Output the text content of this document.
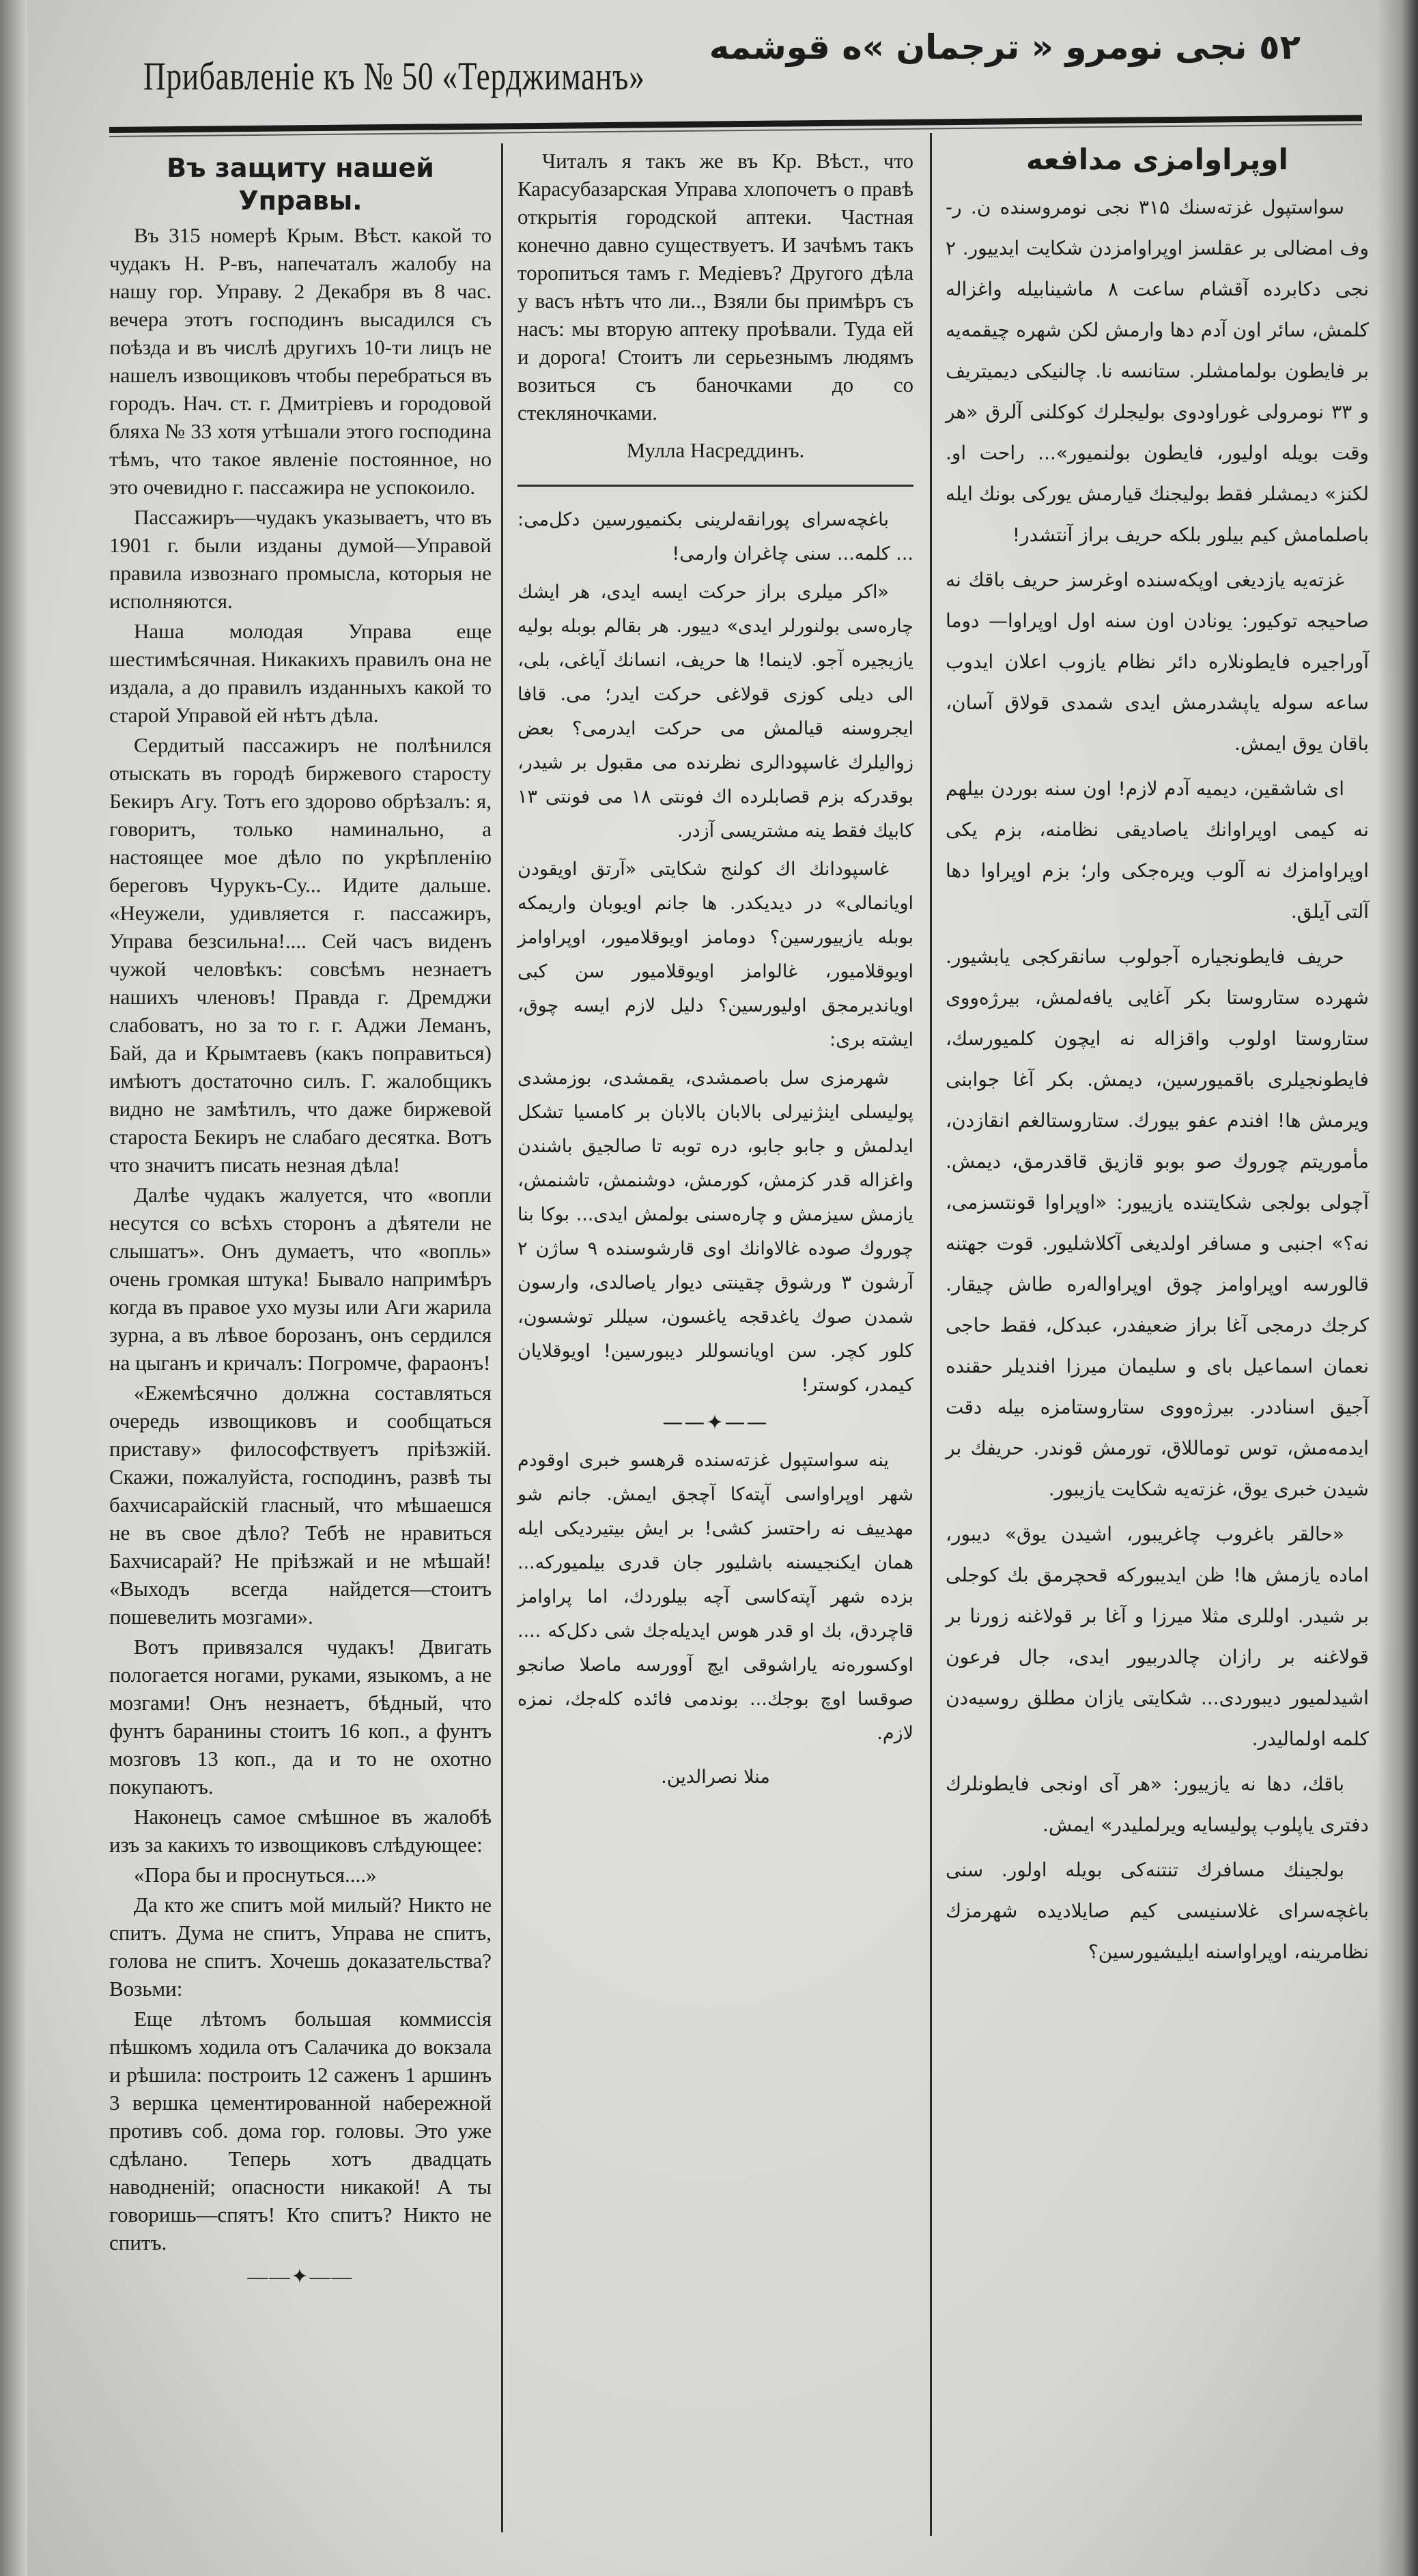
Прибавленіе къ № 50 «Терджиманъ»
٥٢ نجی نومرو « ترجمان »ه قوشمه
Въ защиту нашей Управы.

Въ 315 номерѣ Крым. Вѣст. какой то чудакъ Н. Р-въ, напечаталъ жалобу на нашу гор. Управу. 2 Декабря въ 8 час. вечера этотъ господинъ высадился съ поѣзда и въ числѣ другихъ 10-ти лицъ не нашелъ извощиковъ чтобы перебраться въ городъ. Нач. ст. г. Дмитріевъ и городовой бляха № 33 хотя утѣшали этого господина тѣмъ, что такое явленіе постоянное, но это очевидно г. пассажира не успокоило.

Пассажиръ—чудакъ указываетъ, что въ 1901 г. были изданы думой—Управой правила извознаго промысла, которыя не исполняются.

Наша молодая Управа еще шестимѣсячная. Никакихъ правилъ она не издала, а до правилъ изданныхъ какой то старой Управой ей нѣтъ дѣла.

Сердитый пассажиръ не полѣнился отыскать въ городѣ биржевого старосту Бекиръ Агу. Тотъ его здорово обрѣзалъ: я, говоритъ, только наминально, а настоящее мое дѣло по укрѣпленію береговъ Чурукъ-Су... Идите дальше. «Неужели, удивляется г. пассажиръ, Управа безсильна!.... Сей часъ виденъ чужой человѣкъ: совсѣмъ незнаетъ нашихъ членовъ! Правда г. Дремджи слабоватъ, но за то г. г. Аджи Леманъ, Бай, да и Крымтаевъ (какъ поправиться) имѣютъ достаточно силъ. Г. жалобщикъ видно не замѣтилъ, что даже биржевой староста Бекиръ не слабаго десятка. Вотъ что значитъ писать незная дѣла!

Далѣе чудакъ жалуется, что «вопли несутся со всѣхъ сторонъ а дѣятели не слышатъ». Онъ думаетъ, что «вопль» очень громкая штука! Бывало напримѣръ когда въ правое ухо музы или Аги жарила зурна, а въ лѣвое борозанъ, онъ сердился на цыганъ и кричалъ: Погромче, фараонъ!

«Ежемѣсячно должна составляться очередь извощиковъ и сообщаться приставу» философствуетъ пріѣзжій. Скажи, пожалуйста, господинъ, развѣ ты бахчисарайскій гласный, что мѣшаешся не въ свое дѣло? Тебѣ не нравиться Бахчисарай? Не пріѣзжай и не мѣшай! «Выходъ всегда найдется—стоитъ пошевелить мозгами».

Вотъ привязался чудакъ! Двигать пологается ногами, руками, языкомъ, а не мозгами! Онъ незнаетъ, бѣдный, что фунтъ баранины стоитъ 16 коп., а фунтъ мозговъ 13 коп., да и то не охотно покупаютъ.

Наконецъ самое смѣшное въ жалобѣ изъ за какихъ то извощиковъ слѣдующее:

«Пора бы и проснуться....»

Да кто же спитъ мой милый? Никто не спитъ. Дума не спитъ, Управа не спитъ, голова не спитъ. Хочешь доказательства? Возьми:

Еще лѣтомъ большая коммиссія пѣшкомъ ходила отъ Салачика до вокзала и рѣшила: построить 12 саженъ 1 аршинъ 3 вершка цементированной набережной противъ соб. дома гор. головы. Это уже сдѣлано. Теперь хотъ двадцать наводненій; опасности никакой! А ты говоришь—спятъ! Кто спитъ? Никто не спитъ.

——✦——

Читалъ я такъ же въ Кр. Вѣст., что Карасубазарская Управа хлопочетъ о правѣ открытія городской аптеки. Частная конечно давно существуетъ. И зачѣмъ такъ торопиться тамъ г. Медіевъ? Другого дѣла у васъ нѣтъ что ли.., Взяли бы примѣръ съ насъ: мы вторую аптеку проѣвали. Туда ей и дорога! Стоитъ ли серьезнымъ людямъ возиться съ баночками до со стекляночками.

Мулла Насреддинъ.

باغچه‌سرای پورانقه‌لرینی بکنمیورسین دکل‌می: ... کلمه... سنی چاغران وارمی!

«اکر میلری براز حرکت ایسه ایدی، هر ایشك چاره‌سی بولنورلر ایدی» دییور. هر بقالم بوبله بولیه یازیجیره آجو. لاینما! ها حریف، انسانك آیاغی، بلی، الی دیلی کوزی قولاغی حرکت ایدر؛ می. قافا ایجروسنه قیالمش می حرکت ایدرمی؟ بعض زوالیلرك غاسپودالری نظرنده می مقبول بر شیدر، بوقدرکه بزم قصابلرده اك فونتی ۱۸ می فونتی ۱۳ کابیك فقط ینه مشتریسی آزدر.

غاسپودانك اك کولنج شکایتی «آرتق اویقودن اویانمالی» در دیدیکدر. ها جانم اویوبان واریمکه بوبله یازییورسین؟ دومامز اویوقلامیور، اوپراوامز اویوقلامیور، غالوامز اویوقلامیور سن کبی اویاندیرمجق اولیورسین؟ دلیل لازم ایسه چوق، ایشته بری:

شهرمزی سل باصمشدی، یقمشدی، بوزمشدی پولیسلی اینژنیرلی بالابان بالابان بر کامسیا تشکل ایدلمش و جابو جابو، دره توبه تا صالجیق باشندن واغزاله قدر کزمش، کورمش، دوشنمش، تاشنمش، یازمش سیزمش و چاره‌سنی بولمش ایدی... بوکا بنا چوروك صوده غالاوانك اوی قارشوسنده ۹ ساژن ۲ آرشون ۳ ورشوق چقینتی دیوار یاصالدی، وارسون شمدن صوك یاغدقجه یاغسون، سیللر توشسون، کلور کچر. سن اویانسوللر دیبورسین! اویوقلایان کیمدر، کوستر!

——✦——

ینه سواستپول غزته‌سنده قرهسو خبری اوقودم شهر اوپراواسی آپته‌کا آچجق ایمش. جانم شو مهدییف نه راحتسز کشی! بر ایش بیتیردیکی ایله همان ایکنجیسنه باشلیور جان قدری بیلمیورکه... بزده شهر آپته‌کاسی آچه بیلوردك، اما پراوامز قاچردق، بك او قدر هوس ایدیله‌جك شی دکل‌که .... اوکسوره‌نه یاراشوقی ایچ آوورسه ماصلا صانجو صوقسا اوچ بوجك... بوندمی فائده کله‌جك، نمزه لازم.

منلا نصرالدين.
اوپراوامزی مدافعه

سواستپول غزته‌سنك ۳۱۵ نجی نومروسنده ن. ر-وف امضالی بر عقلسز اوپراوامزدن شکایت ایدییور. ۲ نجی دکابرده آقشام ساعت ۸ ماشینابیله واغزاله کلمش، سائر اون آدم دها وارمش لکن شهره چیقمه‌یه بر فایطون بولمامشلر. ستانسه نا. چالنیکی دیمیتریف و ۳۳ نومرولی غوراودوی بولیجلرك کوکلنی آلرق «هر وقت بویله اولیور، فایطون بولنمیور»... راحت او. لکنز» دیمشلر فقط بولیجنك قیارمش یورکی بونك ایله باصلمامش کیم بیلور بلکه حریف براز آنتشدر!

غزته‌یه یازدیغی اوپکه‌سنده اوغرسز حریف باقك نه صاحیجه توکیور: یونادن اون سنه اول اوپراوا— دوما آوراجیره فایطونلاره دائر نظام یازوب اعلان ایدوب ساعه سوله یاپشدرمش ایدی شمدی قولاق آسان، باقان یوق ایمش.

ای شاشقین، دیمیه آدم لازم! اون سنه بوردن بیلهم نه کیمی اوپراوانك یاصادیقی نظامنه، بزم یکی اوپراوامزك نه آلوب ویره‌جکی وار؛ بزم اوپراوا دها آلتی آیلق.

حریف فایطونجیاره آجولوب سانقرکجی یابشیور. شهرده ستاروستا بکر آغایی یافه‌لمش، بیرژه‌ووی ستاروستا اولوب واقزاله نه ایچون کلمیورسك، فایطونجیلری باقمیورسین، دیمش. بکر آغا جوابنی ویرمش ها! افندم عفو بیورك. ستاروستالغم انقازدن، مأموریتم چوروك صو بوبو قازیق قاقدرمق، دیمش. آچولی بولجی شکایتنده یازییور: «اوپراوا قونتسزمی، نه؟» اجنبی و مسافر اولدیغی آکلاشلیور. قوت جهتنه قالورسه اوپراوامز چوق اوپراواله‌ره طاش چیقار. کرجك درمجی آغا براز ضعیفدر، عبدکل، فقط حاجی نعمان اسماعیل بای و سلیمان میرزا افندیلر حقنده آجیق اسناددر. بیرژه‌ووی ستاروستامزه بیله دقت ایدمه‌مش، توس توماللاق، تورمش قوندر. حریفك بر شیدن خبری یوق، غزته‌یه شکایت یازیبور.

«حالقر باغروب چاغریبور، اشیدن یوق» دیبور، اماده یازمش ها! ظن ایدیبورکه قحچرمق بك کوجلی بر شیدر. اوللری مثلا میرزا و آغا بر قولاغنه زورنا بر قولاغنه بر رازان چالدربیور ایدی، جال فرعون اشیدلمیور دیبوردی... شکایتی یازان مطلق روسیه‌دن کلمه اولمالیدر.

باقك، دها نه یازییور: «هر آی اونجی فایطونلرك دفتری یاپلوب پولیسایه ویرلملیدر» ایمش.

بولجینك مسافرك تنتنه‌کی بویله اولور. سنی باغچه‌سرای غلاسنیسی کیم صایلادیده شهرمزك نظامرینه، اوپراواسنه ایلیشیورسین؟
